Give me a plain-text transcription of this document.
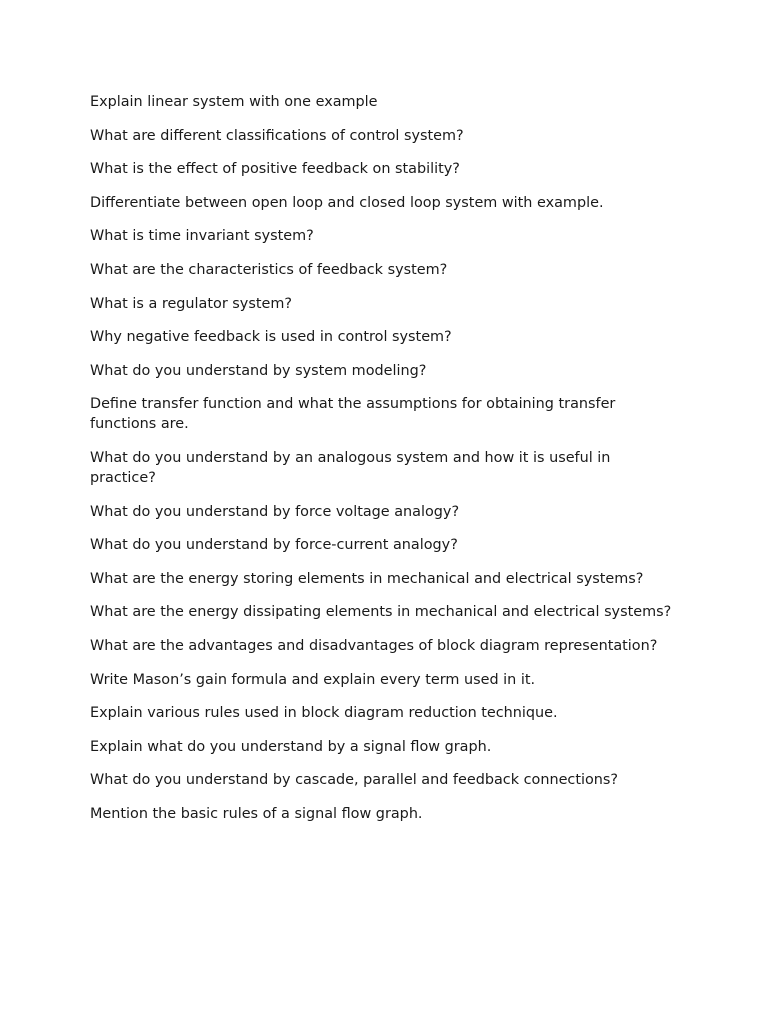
Explain linear system with one example
What are different classifications of control system?
What is the effect of positive feedback on stability?
Differentiate between open loop and closed loop system with example.
What is time invariant system?
What are the characteristics of feedback system?
What is a regulator system?
Why negative feedback is used in control system?
What do you understand by system modeling?
Define transfer function and what the assumptions for obtaining transfer functions are.
What do you understand by an analogous system and how it is useful in practice?
What do you understand by force voltage analogy?
What do you understand by force-current analogy?
What are the energy storing elements in mechanical and electrical systems?
What are the energy dissipating elements in mechanical and electrical systems?
What are the advantages and disadvantages of block diagram representation?
Write Mason’s gain formula and explain every term used in it.
Explain various rules used in block diagram reduction technique.
Explain what do you understand by a signal flow graph.
What do you understand by cascade, parallel and feedback connections?
Mention the basic rules of a signal flow graph.
